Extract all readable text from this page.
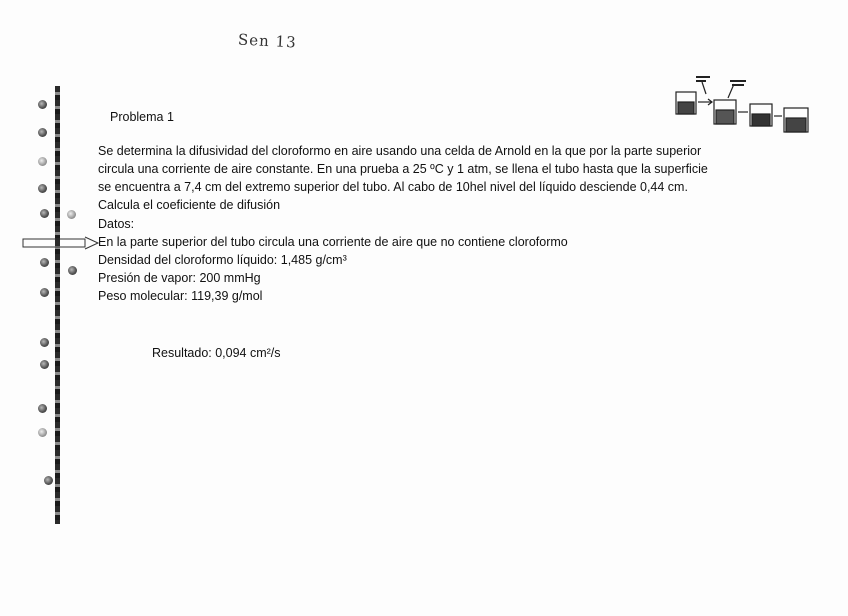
Sen 13
Problema 1
Se determina la difusividad del cloroformo en aire usando una celda de Arnold en la que por la parte superior
circula una corriente de aire constante. En una prueba a 25 ºC y 1 atm, se llena el tubo hasta que la superficie
se encuentra a 7,4 cm del extremo superior del tubo. Al cabo de 10hel nivel del líquido desciende 0,44 cm.
Calcula el coeficiente de difusión
Datos:
En la parte superior del tubo circula una corriente de aire que no contiene cloroformo
Densidad del cloroformo líquido: 1,485 g/cm³
Presión de vapor: 200 mmHg
Peso molecular: 119,39 g/mol
Resultado: 0,094 cm²/s
